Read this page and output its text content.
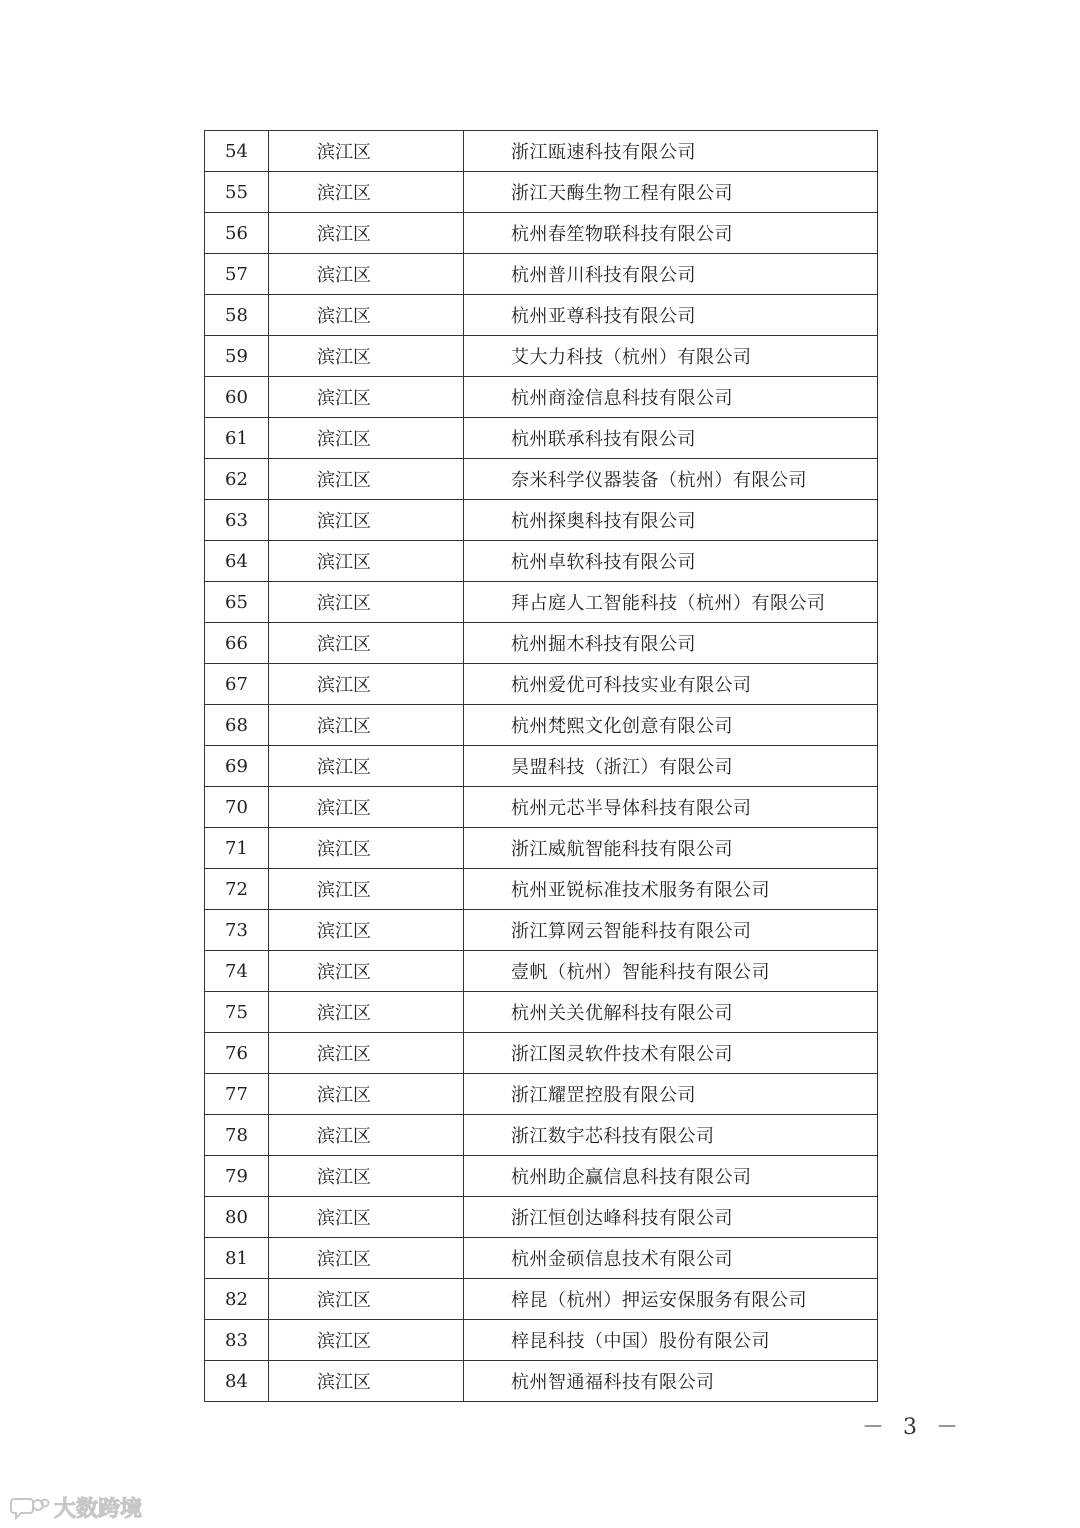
54	滨江区	浙江瓯速科技有限公司
55	滨江区	浙江天酶生物工程有限公司
56	滨江区	杭州春笙物联科技有限公司
57	滨江区	杭州普川科技有限公司
58	滨江区	杭州亚尊科技有限公司
59	滨江区	艾大力科技（杭州）有限公司
60	滨江区	杭州商淦信息科技有限公司
61	滨江区	杭州联承科技有限公司
62	滨江区	奈米科学仪器装备（杭州）有限公司
63	滨江区	杭州探奥科技有限公司
64	滨江区	杭州卓软科技有限公司
65	滨江区	拜占庭人工智能科技（杭州）有限公司
66	滨江区	杭州掘木科技有限公司
67	滨江区	杭州爱优可科技实业有限公司
68	滨江区	杭州梵熙文化创意有限公司
69	滨江区	昊盟科技（浙江）有限公司
70	滨江区	杭州元芯半导体科技有限公司
71	滨江区	浙江威航智能科技有限公司
72	滨江区	杭州亚锐标准技术服务有限公司
73	滨江区	浙江算网云智能科技有限公司
74	滨江区	壹帆（杭州）智能科技有限公司
75	滨江区	杭州关关优解科技有限公司
76	滨江区	浙江图灵软件技术有限公司
77	滨江区	浙江耀罡控股有限公司
78	滨江区	浙江数宇芯科技有限公司
79	滨江区	杭州助企赢信息科技有限公司
80	滨江区	浙江恒创达峰科技有限公司
81	滨江区	杭州金硕信息技术有限公司
82	滨江区	梓昆（杭州）押运安保服务有限公司
83	滨江区	梓昆科技（中国）股份有限公司
84	滨江区	杭州智通福科技有限公司
－ 3 －
大数跨境
